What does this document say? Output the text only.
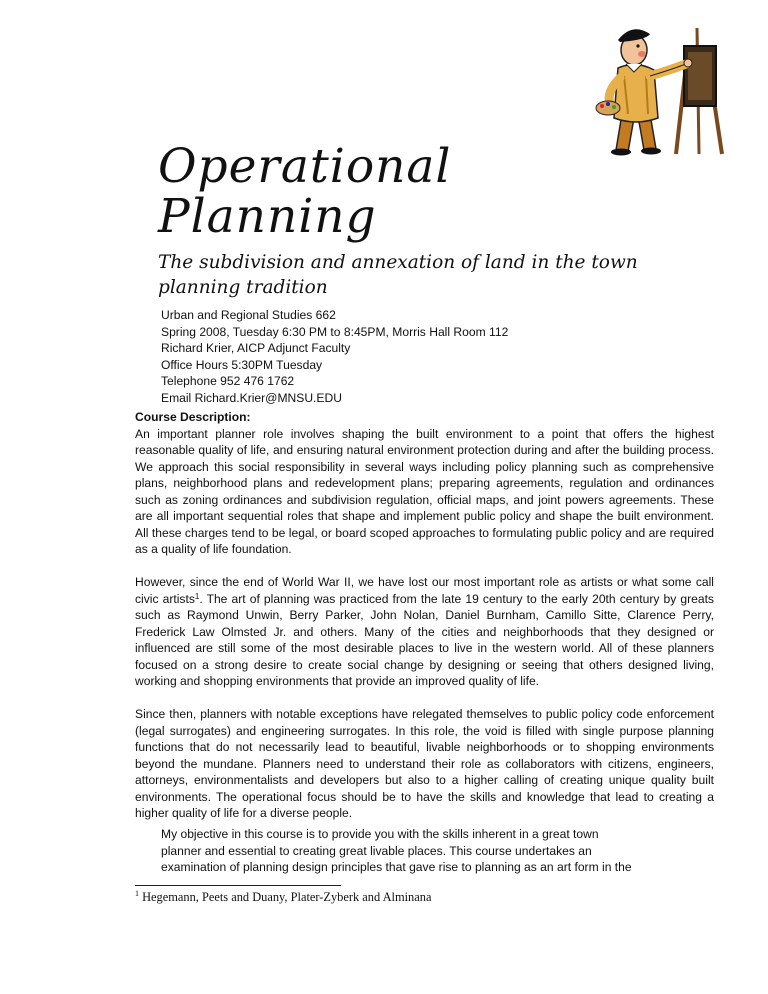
Operational
Planning

The subdivision and annexation of land in the town planning tradition

Urban and Regional Studies 662
Spring 2008, Tuesday 6:30 PM to 8:45PM, Morris Hall Room 112
Richard Krier, AICP Adjunct Faculty
Office Hours 5:30PM Tuesday
Telephone 952 476 1762
Email Richard.Krier@MNSU.EDU
Course Description:

An important planner role involves shaping the built environment to a point that offers the highest reasonable quality of life, and ensuring natural environment protection during and after the building process. We approach this social responsibility in several ways including policy planning such as comprehensive plans, neighborhood plans and redevelopment plans; preparing agreements, regulation and ordinances such as zoning ordinances and subdivision regulation, official maps, and joint powers agreements. These are all important sequential roles that shape and implement public policy and shape the built environment. All these charges tend to be legal, or board scoped approaches to formulating public policy and are required as a quality of life foundation.

However, since the end of World War II, we have lost our most important role as artists or what some call civic artists$^1$. The art of planning was practiced from the late 19 century to the early 20th century by greats such as Raymond Unwin, Berry Parker, John Nolan, Daniel Burnham, Camillo Sitte, Clarence Perry, Frederick Law Olmsted Jr. and others. Many of the cities and neighborhoods that they designed or influenced are still some of the most desirable places to live in the western world. All of these planners focused on a strong desire to create social change by designing or seeing that others designed living, working and shopping environments that provide an improved quality of life.

Since then, planners with notable exceptions have relegated themselves to public policy code enforcement (legal surrogates) and engineering surrogates. In this role, the void is filled with single purpose planning functions that do not necessarily lead to beautiful, livable neighborhoods or to shopping environments beyond the mundane. Planners need to understand their role as collaborators with citizens, engineers, attorneys, environmentalists and developers but also to a higher calling of creating unique quality built environments. The operational focus should be to have the skills and knowledge that lead to creating a higher quality of life for a diverse people.

My objective in this course is to provide you with the skills inherent in a great town
planner and essential to creating great livable places. This course undertakes an
examination of planning design principles that gave rise to planning as an art form in the
$^1$ Hegemann, Peets and Duany, Plater-Zyberk and Alminana
